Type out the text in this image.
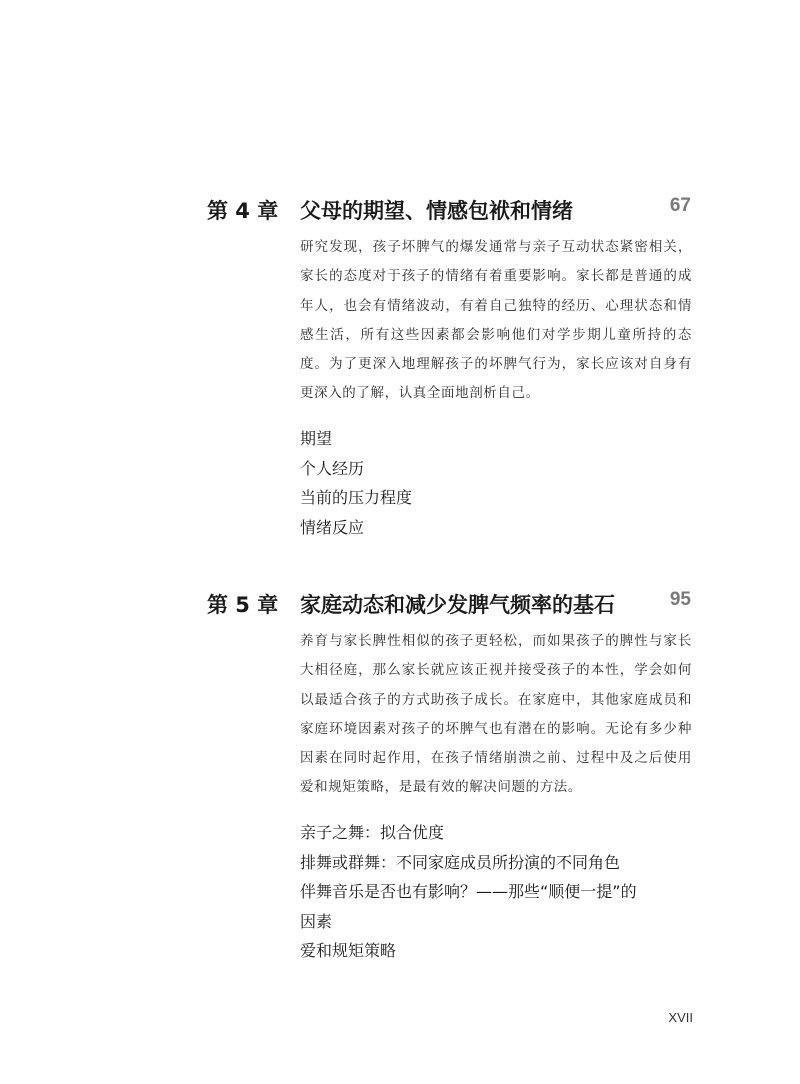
第 4 章 父母的期望、情感包袱和情绪	67

研究发现，孩子坏脾气的爆发通常与亲子互动状态紧密相关，家长的态度对于孩子的情绪有着重要影响。家长都是普通的成年人，也会有情绪波动，有着自己独特的经历、心理状态和情感生活，所有这些因素都会影响他们对学步期儿童所持的态度。为了更深入地理解孩子的坏脾气行为，家长应该对自身有更深入的了解，认真全面地剖析自己。

期望
个人经历
当前的压力程度
情绪反应
第 5 章 家庭动态和减少发脾气频率的基石	95

养育与家长脾性相似的孩子更轻松，而如果孩子的脾性与家长大相径庭，那么家长就应该正视并接受孩子的本性，学会如何以最适合孩子的方式助孩子成长。在家庭中，其他家庭成员和家庭环境因素对孩子的坏脾气也有潜在的影响。无论有多少种因素在同时起作用，在孩子情绪崩溃之前、过程中及之后使用爱和规矩策略，是最有效的解决问题的方法。

亲子之舞：拟合优度
排舞或群舞：不同家庭成员所扮演的不同角色
伴舞音乐是否也有影响？——那些“顺便一提”的
因素
爱和规矩策略
XVII
